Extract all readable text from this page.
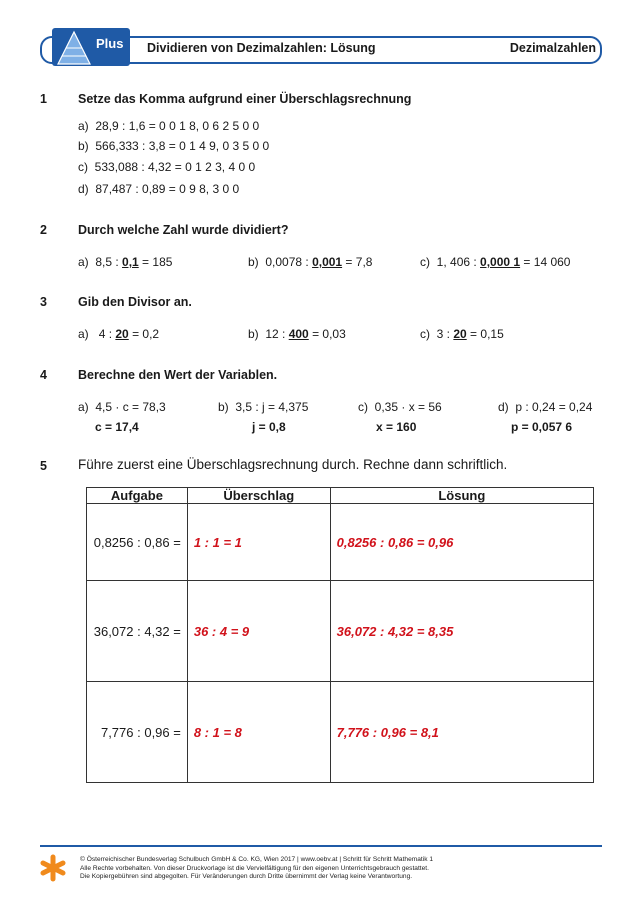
Plus Dividieren von Dezimalzahlen: Lösung	Dezimalzahlen
1 Setze das Komma aufgrund einer Überschlagsrechnung
a) 28,9 : 1,6 = 0 0 1 8, 0 6 2 5 0 0
b) 566,333 : 3,8 = 0 1 4 9, 0 3 5 0 0
c) 533,088 : 4,32 = 0 1 2 3, 4 0 0
d) 87,487 : 0,89 = 0 9 8, 3 0 0
2 Durch welche Zahl wurde dividiert?
a) 8,5 : 0,1 = 185	b) 0,0078 : 0,001 = 7,8	c) 1, 406 : 0,000 1 = 14 060
3 Gib den Divisor an.
a) 4 : 20 = 0,2	b) 12 : 400 = 0,03	c) 3 : 20 = 0,15
4 Berechne den Wert der Variablen.
a) 4,5 · c = 78,3
c = 17,4
b) 3,5 : j = 4,375
j = 0,8
c) 0,35 · x = 56
x = 160
d) p : 0,24 = 0,24
p = 0,057 6
5 Führe zuerst eine Überschlagsrechnung durch. Rechne dann schriftlich.
Aufgabe	Überschlag	Lösung
0,8256 : 0,86 =	1 : 1 = 1	0,8256 : 0,86 = 0,96
36,072 : 4,32 =	36 : 4 = 9	36,072 : 4,32 = 8,35
7,776 : 0,96 =	8 : 1 = 8	7,776 : 0,96 = 8,1
© Österreichischer Bundesverlag Schulbuch GmbH & Co. KG, Wien 2017 | www.oebv.at | Schritt für Schritt Mathematik 1
Alle Rechte vorbehalten. Von dieser Druckvorlage ist die Vervielfältigung für den eigenen Unterrichtsgebrauch gestattet.
Die Kopiergebühren sind abgegolten. Für Veränderungen durch Dritte übernimmt der Verlag keine Verantwortung.
